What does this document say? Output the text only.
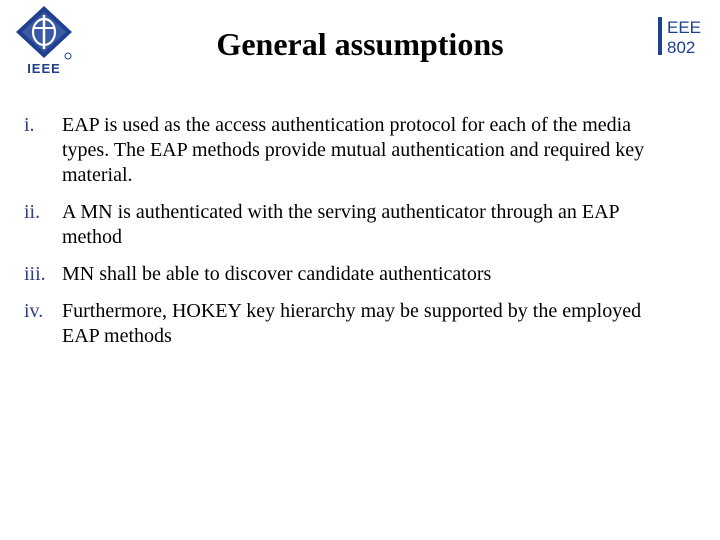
IEEE
EEE
802
General assumptions
i.	EAP is used as the access authentication protocol for each of the media types. The EAP methods provide mutual authentication and required key material.
ii.	A MN is authenticated with the serving authenticator through an EAP method
iii. MN shall be able to discover candidate authenticators
iv. Furthermore, HOKEY key hierarchy may be supported by the employed EAP methods
